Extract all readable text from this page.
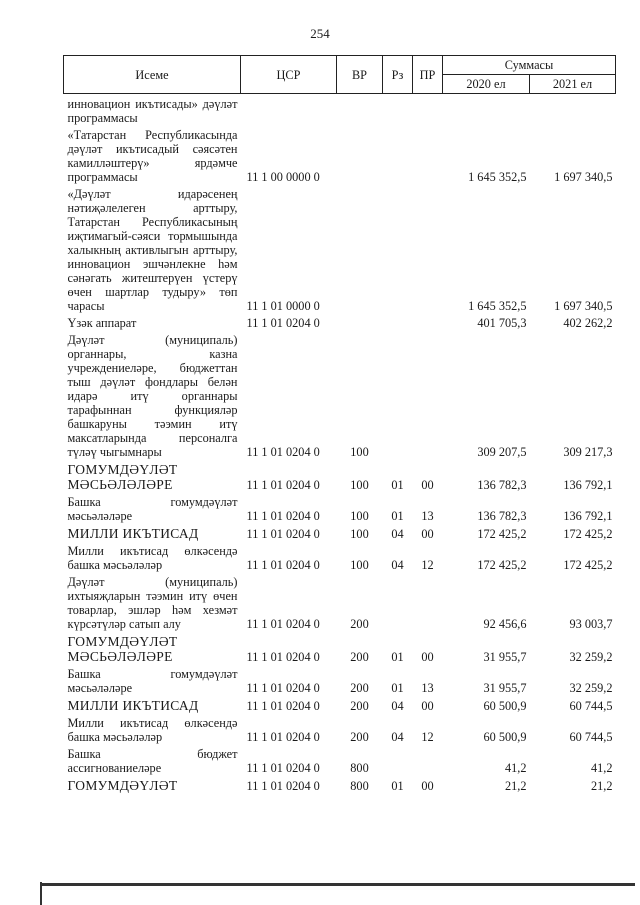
254
Исеме	ЦСР	ВР	Рз	ПР	Суммасы	
					2020 ел	2021 ел
инновацион икътисады» дәүләт программасы						
«Татарстан Республикасында дәүләт икътисадый сәясәтен камилләштерү» ярдәмче программасы	11 1 00 0000 0				1 645 352,5	1 697 340,5
«Дәүләт идарәсенең нәтиҗәлелеген арттыру, Татарстан Республикасының иҗтимагый-сәяси тормышында халыкның активлыгын арттыру, инновацион эшчәнлекне һәм сәнәгать житештерүен үстерү өчен шартлар тудыру» төп чарасы	11 1 01 0000 0				1 645 352,5	1 697 340,5
Үзәк аппарат	11 1 01 0204 0				401 705,3	402 262,2
Дәүләт (муниципаль) органнары, казна учреждениеләре, бюджеттан тыш дәүләт фондлары белән идарә итү органнары тарафыннан функцияләр башкаруны тәэмин итү максатларында персоналга түләү чыгымнары	11 1 01 0204 0	100			309 207,5	309 217,3
ГОМУМДӘҮЛӘТ МӘСЬӘЛӘЛӘРЕ	11 1 01 0204 0	100	01	00	136 782,3	136 792,1
Башка гомумдәүләт мәсьәләләре	11 1 01 0204 0	100	01	13	136 782,3	136 792,1
МИЛЛИ ИКЪТИСАД	11 1 01 0204 0	100	04	00	172 425,2	172 425,2
Милли икътисад өлкәсендә башка мәсьәләләр	11 1 01 0204 0	100	04	12	172 425,2	172 425,2
Дәүләт (муниципаль) ихтыяҗларын тәэмин итү өчен товарлар, эшләр һәм хезмәт күрсәтүләр сатып алу	11 1 01 0204 0	200			92 456,6	93 003,7
ГОМУМДӘҮЛӘТ МӘСЬӘЛӘЛӘРЕ	11 1 01 0204 0	200	01	00	31 955,7	32 259,2
Башка гомумдәүләт мәсьәләләре	11 1 01 0204 0	200	01	13	31 955,7	32 259,2
МИЛЛИ ИКЪТИСАД	11 1 01 0204 0	200	04	00	60 500,9	60 744,5
Милли икътисад өлкәсендә башка мәсьәләләр	11 1 01 0204 0	200	04	12	60 500,9	60 744,5
Башка бюджет ассигнованиеләре	11 1 01 0204 0	800			41,2	41,2
ГОМУМДӘҮЛӘТ	11 1 01 0204 0	800	01	00	21,2	21,2
